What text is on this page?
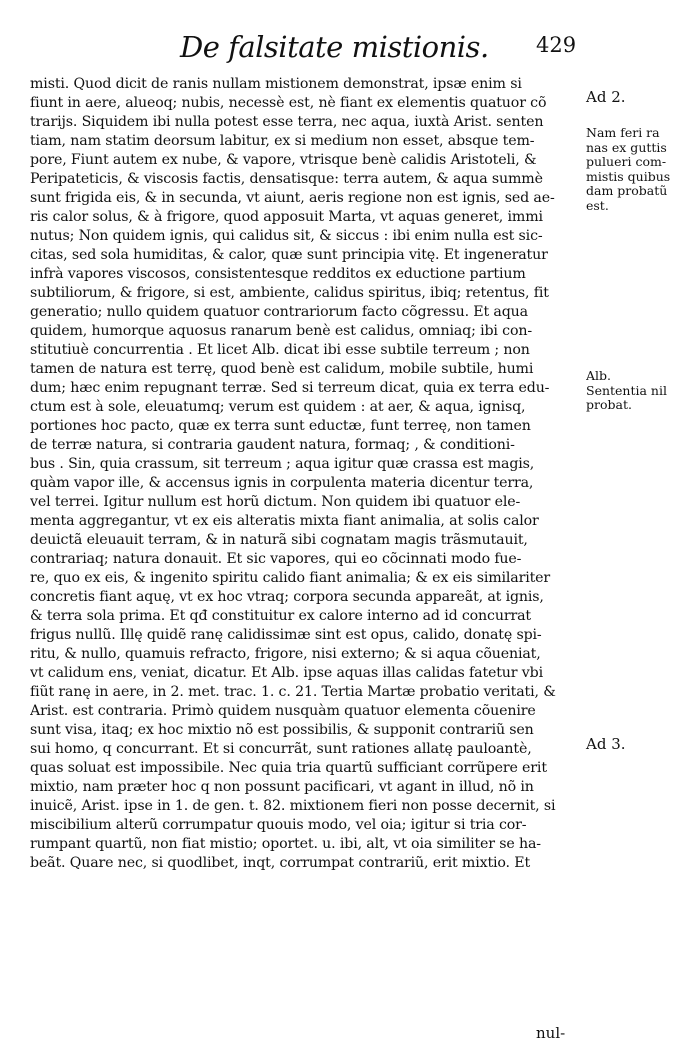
De falsitate mistionis. 429
misti. Quod dicit de ranis nullam mistionem demonstrat, ipsæ enim si
fiunt in aere, alueoq; nubis, necessè est, nè fiant ex elementis quatuor cõ
trarijs. Siquidem ibi nulla potest esse terra, nec aqua, iuxtà Arist. senten
tiam, nam statim deorsum labitur, ex si medium non esset, absque tem-
pore, Fiunt autem ex nube, & vapore, vtrisque benè calidis Aristoteli, &
Peripateticis, & viscosis factis, densatisque: terra autem, & aqua summè
sunt frigida eis, & in secunda, vt aiunt, aeris regione non est ignis, sed ae-
ris calor solus, & à frigore, quod apposuit Marta, vt aquas generet, immi
nutus; Non quidem ignis, qui calidus sit, & siccus : ibi enim nulla est sic-
citas, sed sola humiditas, & calor, quæ sunt principia vitę. Et ingeneratur
infrà vapores viscosos, consistentesque redditos ex eductione partium
subtiliorum, & frigore, si est, ambiente, calidus spiritus, ibiq; retentus, fit
generatio; nullo quidem quatuor contrariorum facto cõgressu. Et aqua
quidem, humorque aquosus ranarum benè est calidus, omniaq; ibi con-
stitutiuè concurrentia . Et licet Alb. dicat ibi esse subtile terreum ; non
tamen de natura est terrę, quod benè est calidum, mobile subtile, humi
dum; hæc enim repugnant terræ. Sed si terreum dicat, quia ex terra edu-
ctum est à sole, eleuatumq; verum est quidem : at aer, & aqua, ignisq,
portiones hoc pacto, quæ ex terra sunt eductæ, funt terreę, non tamen
de terræ natura, si contraria gaudent natura, formaq; , & conditioni-
bus . Sin, quia crassum, sit terreum ; aqua igitur quæ crassa est magis,
quàm vapor ille, & accensus ignis in corpulenta materia dicentur terra,
vel terrei. Igitur nullum est horũ dictum. Non quidem ibi quatuor ele-
menta aggregantur, vt ex eis alteratis mixta fiant animalia, at solis calor
deuictã eleuauit terram, & in naturã sibi cognatam magis trãsmutauit,
contrariaq; natura donauit. Et sic vapores, qui eo cõcinnati modo fue-
re, quo ex eis, & ingenito spiritu calido fiant animalia; & ex eis similariter
concretis fiant aquę, vt ex hoc vtraq; corpora secunda appareãt, at ignis,
& terra sola prima. Et qđ constituitur ex calore interno ad id concurrat
frigus nullũ. Illę quidẽ ranę calidissimæ sint est opus, calido, donatę spi-
ritu, & nullo, quamuis refracto, frigore, nisi externo; & si aqua cõueniat,
vt calidum ens, veniat, dicatur. Et Alb. ipse aquas illas calidas fatetur vbi
fiũt ranę in aere, in 2. met. trac. 1. c. 21. Tertia Martæ probatio veritati, &
Arist. est contraria. Primò quidem nusquàm quatuor elementa cõuenire
sunt visa, itaq; ex hoc mixtio nõ est possibilis, & supponit contrariũ sen
sui homo, q concurrant. Et si concurrãt, sunt rationes allatę pauloantè,
quas soluat est impossibile. Nec quia tria quartũ sufficiant corrũpere erit
mixtio, nam præter hoc q non possunt pacificari, vt agant in illud, nõ in
inuicẽ, Arist. ipse in 1. de gen. t. 82. mixtionem fieri non posse decernit, si
miscibilium alterũ corrumpatur quouis modo, vel oia; igitur si tria cor-
rumpant quartũ, non fiat mistio; oportet. u. ibi, alt, vt oia similiter se ha-
beãt. Quare nec, si quodlibet, inqt, corrumpat contrariũ, erit mixtio. Et
Ad 2.
Nam feri ra
nas ex guttis
pulueri com-
mistis quibus
dam probatũ
est.
Alb.
Sententia nil
probat.
Ad 3.
nul-
